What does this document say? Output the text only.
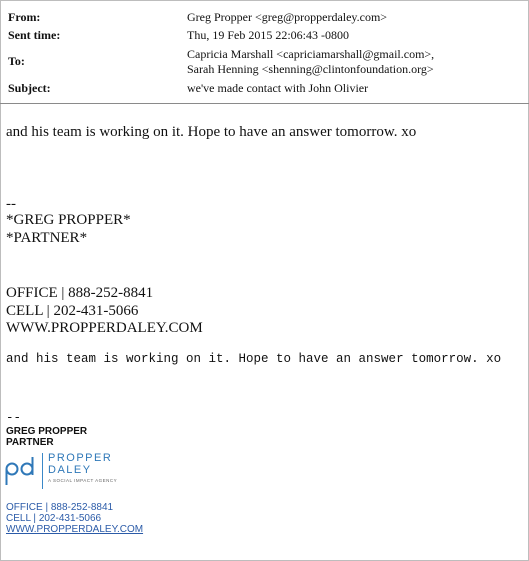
From:	Greg Propper <greg@propperdaley.com>
Sent time:	Thu, 19 Feb 2015 22:06:43 -0800
To:	Capricia Marshall <capriciamarshall@gmail.com>,
Sarah Henning <shenning@clintonfoundation.org>
Subject:	we've made contact with John Olivier
and his team is working on it. Hope to have an answer tomorrow. xo
--
*GREG PROPPER*
*PARTNER*
OFFICE | 888-252-8841
CELL | 202-431-5066
WWW.PROPPERDALEY.COM
and his team is working on it. Hope to have an answer tomorrow. xo
--
GREG PROPPER
PARTNER
PROPPER
DALEY
A SOCIAL IMPACT AGENCY
OFFICE | 888-252-8841
CELL | 202-431-5066
WWW.PROPPERDALEY.COM
